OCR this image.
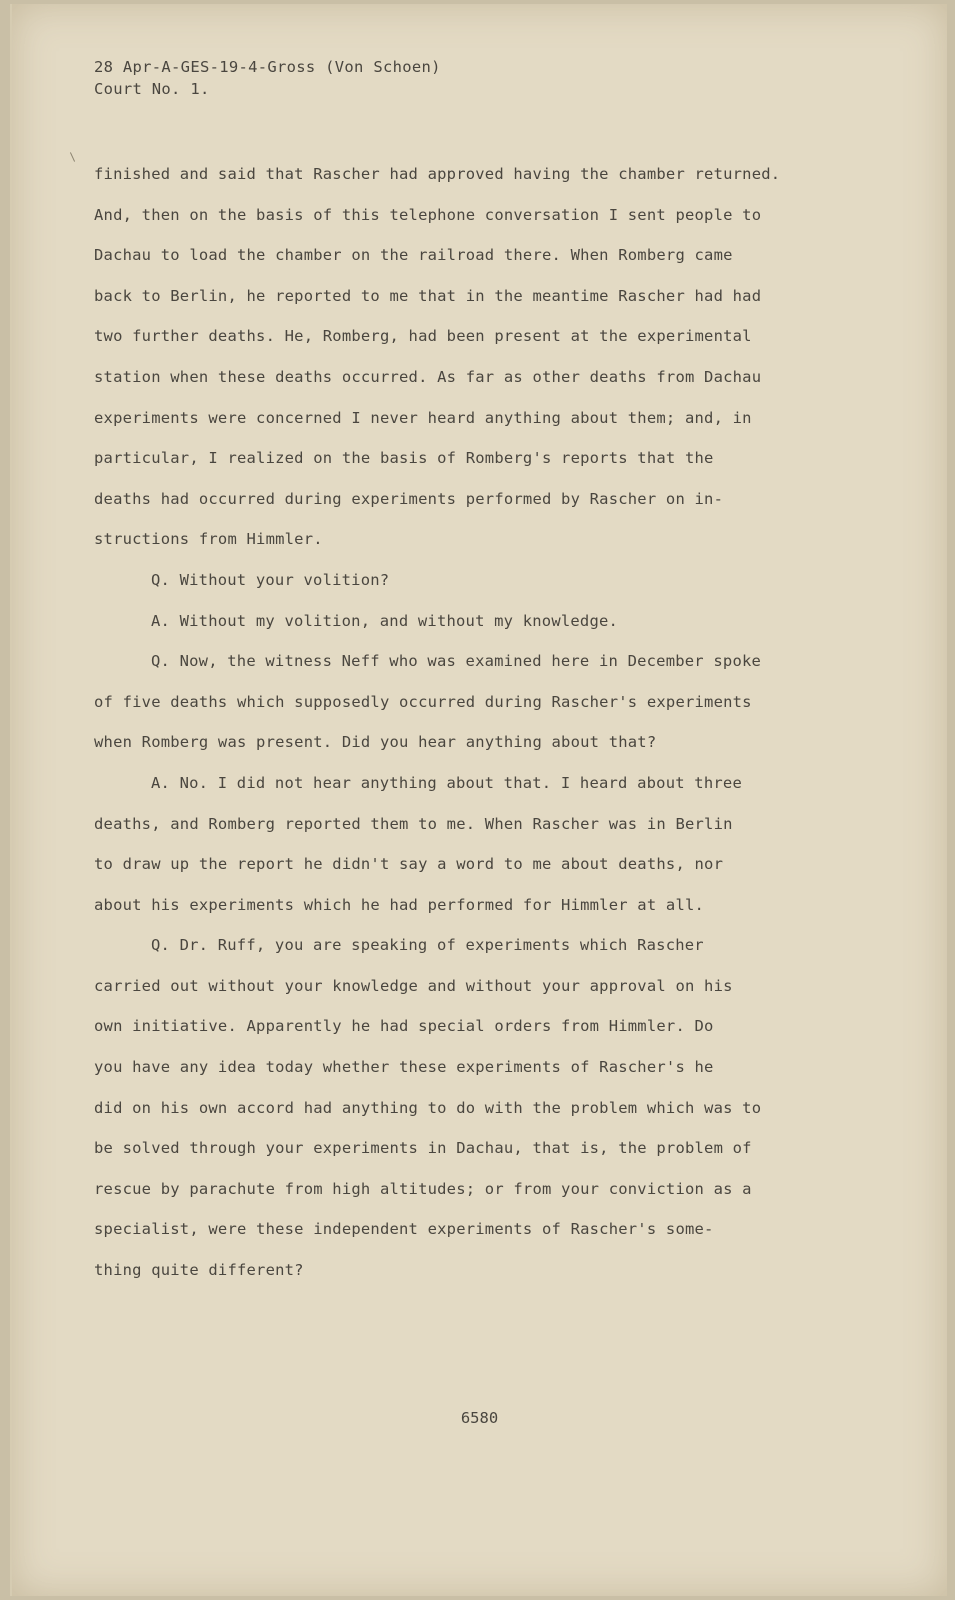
28 Apr-A-GES-19-4-Gross (Von Schoen)
Court No. 1.
finished and said that Rascher had approved having the chamber returned.
And, then on the basis of this telephone conversation I sent people to
Dachau to load the chamber on the railroad there. When Romberg came
back to Berlin, he reported to me that in the meantime Rascher had had
two further deaths. He, Romberg, had been present at the experimental
station when these deaths occurred. As far as other deaths from Dachau
experiments were concerned I never heard anything about them; and, in
particular, I realized on the basis of Romberg's reports that the
deaths had occurred during experiments performed by Rascher on in-
structions from Himmler.
Q. Without your volition?
A. Without my volition, and without my knowledge.
Q. Now, the witness Neff who was examined here in December spoke
of five deaths which supposedly occurred during Rascher's experiments
when Romberg was present. Did you hear anything about that?
A. No. I did not hear anything about that. I heard about three
deaths, and Romberg reported them to me. When Rascher was in Berlin
to draw up the report he didn't say a word to me about deaths, nor
about his experiments which he had performed for Himmler at all.
Q. Dr. Ruff, you are speaking of experiments which Rascher
carried out without your knowledge and without your approval on his
own initiative. Apparently he had special orders from Himmler. Do
you have any idea today whether these experiments of Rascher's he
did on his own accord had anything to do with the problem which was to
be solved through your experiments in Dachau, that is, the problem of
rescue by parachute from high altitudes; or from your conviction as a
specialist, were these independent experiments of Rascher's some-
thing quite different?
6580
